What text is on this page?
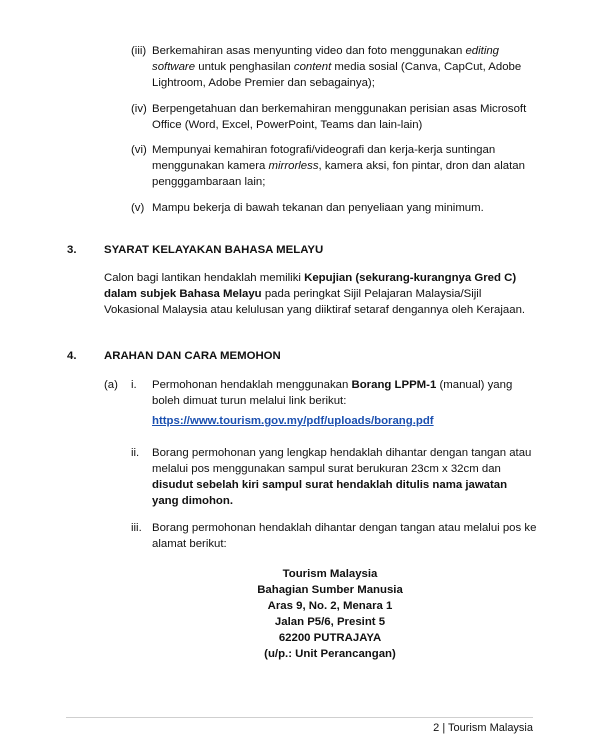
(iii) Berkemahiran asas menyunting video dan foto menggunakan editing
software untuk penghasilan content media sosial (Canva, CapCut, Adobe
Lightroom, Adobe Premier dan sebagainya);
(iv) Berpengetahuan dan berkemahiran menggunakan perisian asas Microsoft
Office (Word, Excel, PowerPoint, Teams dan lain-lain)
(vi) Mempunyai kemahiran fotografi/videografi dan kerja-kerja suntingan
menggunakan kamera mirrorless, kamera aksi, fon pintar, dron dan alatan
pengggambaraan lain;
(v) Mampu bekerja di bawah tekanan dan penyeliaan yang minimum.
3. SYARAT KELAYAKAN BAHASA MELAYU
Calon bagi lantikan hendaklah memiliki Kepujian (sekurang-kurangnya Gred C)
dalam subjek Bahasa Melayu pada peringkat Sijil Pelajaran Malaysia/Sijil
Vokasional Malaysia atau kelulusan yang diiktiraf setaraf dengannya oleh Kerajaan.
4. ARAHAN DAN CARA MEMOHON
(a) i. Permohonan hendaklah menggunakan Borang LPPM-1 (manual) yang
boleh dimuat turun melalui link berikut:
https://www.tourism.gov.my/pdf/uploads/borang.pdf
ii. Borang permohonan yang lengkap hendaklah dihantar dengan tangan atau
melalui pos menggunakan sampul surat berukuran 23cm x 32cm dan
disudut sebelah kiri sampul surat hendaklah ditulis nama jawatan
yang dimohon.
iii. Borang permohonan hendaklah dihantar dengan tangan atau melalui pos ke
alamat berikut:
Tourism Malaysia
Bahagian Sumber Manusia
Aras 9, No. 2, Menara 1
Jalan P5/6, Presint 5
62200 PUTRAJAYA
(u/p.: Unit Perancangan)
2 | Tourism Malaysia
